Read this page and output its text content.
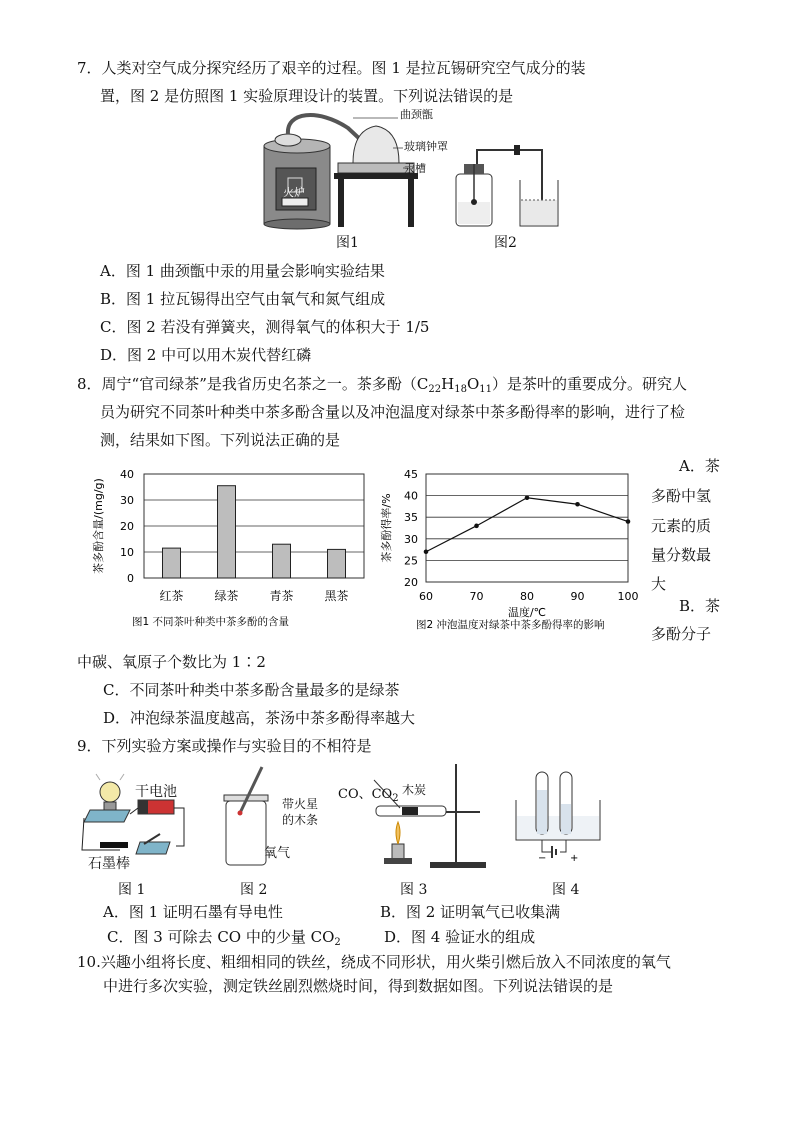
7．人类对空气成分探究经历了艰辛的过程。图 1 是拉瓦锡研究空气成分的装
置，图 2 是仿照图 1 实验原理设计的装置。下列说法错误的是
曲颈甑
玻璃钟罩
汞槽
火炉
图1	图2
A．图 1 曲颈甑中汞的用量会影响实验结果
B．图 1 拉瓦锡得出空气由氧气和氮气组成
C．图 2 若没有弹簧夹，测得氧气的体积大于 1/5
D．图 2 中可以用木炭代替红磷
8．周宁“官司绿茶”是我省历史名茶之一。茶多酚$(C_{22}H_{18}O_{11})$是茶叶的重要成分。研究人
员为研究不同茶叶种类中茶多酚含量以及冲泡温度对绿茶中茶多酚得率的影响，进行了检
测，结果如下图。下列说法正确的是
0
10
20
30
40
红茶	绿茶	青茶	黑茶
茶多酚含量/(mg/g)
图1 不同茶叶种类中茶多酚的含量
20
25
30
35
40
45
60	70	80	90	100
温度/℃
茶多酚得率/%
图2 冲泡温度对绿茶中茶多酚得率的影响
A．茶
多酚中氢
元素的质
量分数最
大
B．茶
多酚分子
中碳、氧原子个数比为 1∶2
C．不同茶叶种类中茶多酚含量最多的是绿茶
D．冲泡绿茶温度越高，茶汤中茶多酚得率越大
9．下列实验方案或操作与实验目的不相符是
干电池
石墨棒
带火星
的木条
氧气
CO、$CO_2$
木炭
− +
图 1	图 2	图 3	图 4
A．图 1 证明石墨有导电性	B．图 2 证明氧气已收集满
C．图 3 可除去 CO 中的少量 $CO_2$	D．图 4 验证水的组成
10.兴趣小组将长度、粗细相同的铁丝，绕成不同形状，用火柴引燃后放入不同浓度的氧气
中进行多次实验，测定铁丝剧烈燃烧时间，得到数据如图。下列说法错误的是
